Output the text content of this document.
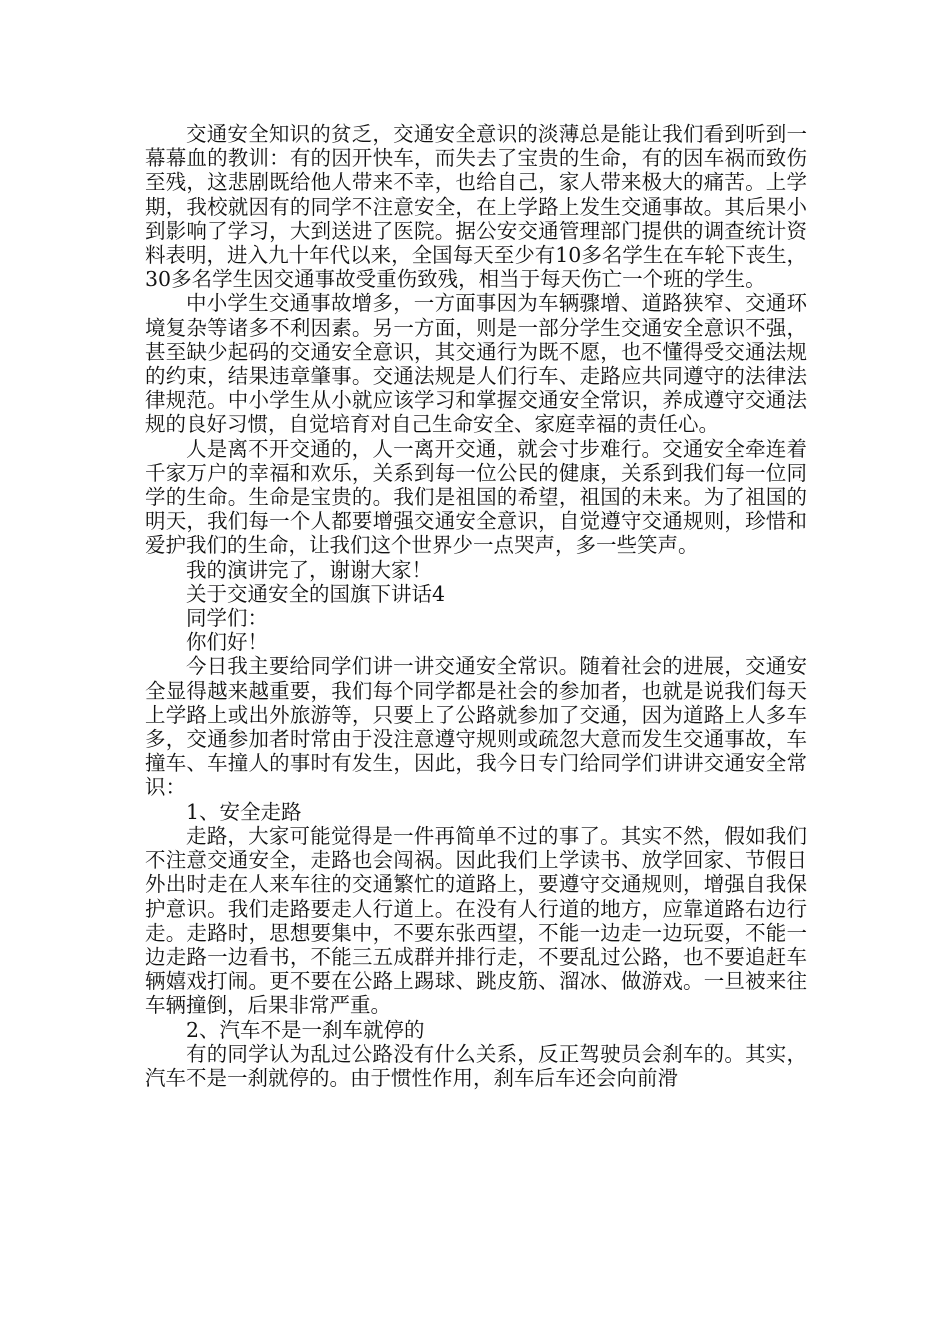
交通安全知识的贫乏，交通安全意识的淡薄总是能让我们看到听到一幕幕血的教训：有的因开快车，而失去了宝贵的生命，有的因车祸而致伤至残，这悲剧既给他人带来不幸，也给自己，家人带来极大的痛苦。上学期，我校就因有的同学不注意安全，在上学路上发生交通事故。其后果小到影响了学习，大到送进了医院。据公安交通管理部门提供的调查统计资料表明，进入九十年代以来，全国每天至少有10多名学生在车轮下丧生，30多名学生因交通事故受重伤致残，相当于每天伤亡一个班的学生。

中小学生交通事故增多，一方面事因为车辆骤增、道路狭窄、交通环境复杂等诸多不利因素。另一方面，则是一部分学生交通安全意识不强，甚至缺少起码的交通安全意识，其交通行为既不愿，也不懂得受交通法规的约束，结果违章肇事。交通法规是人们行车、走路应共同遵守的法律法律规范。中小学生从小就应该学习和掌握交通安全常识，养成遵守交通法规的良好习惯，自觉培育对自己生命安全、家庭幸福的责任心。

人是离不开交通的，人一离开交通，就会寸步难行。交通安全牵连着千家万户的幸福和欢乐，关系到每一位公民的健康，关系到我们每一位同学的生命。生命是宝贵的。我们是祖国的希望，祖国的未来。为了祖国的明天，我们每一个人都要增强交通安全意识，自觉遵守交通规则，珍惜和爱护我们的生命，让我们这个世界少一点哭声，多一些笑声。

我的演讲完了，谢谢大家！

关于交通安全的国旗下讲话4

同学们：

你们好！

今日我主要给同学们讲一讲交通安全常识。随着社会的进展，交通安全显得越来越重要，我们每个同学都是社会的参加者，也就是说我们每天上学路上或出外旅游等，只要上了公路就参加了交通，因为道路上人多车多，交通参加者时常由于没注意遵守规则或疏忽大意而发生交通事故，车撞车、车撞人的事时有发生，因此，我今日专门给同学们讲讲交通安全常识：

1、安全走路

走路，大家可能觉得是一件再简单不过的事了。其实不然，假如我们不注意交通安全，走路也会闯祸。因此我们上学读书、放学回家、节假日外出时走在人来车往的交通繁忙的道路上，要遵守交通规则，增强自我保护意识。我们走路要走人行道上。在没有人行道的地方，应靠道路右边行走。走路时，思想要集中，不要东张西望，不能一边走一边玩耍，不能一边走路一边看书，不能三五成群并排行走，不要乱过公路，也不要追赶车辆嬉戏打闹。更不要在公路上踢球、跳皮筋、溜冰、做游戏。一旦被来往车辆撞倒，后果非常严重。

2、汽车不是一刹车就停的

有的同学认为乱过公路没有什么关系，反正驾驶员会刹车的。其实，汽车不是一刹就停的。由于惯性作用，刹车后车还会向前滑
